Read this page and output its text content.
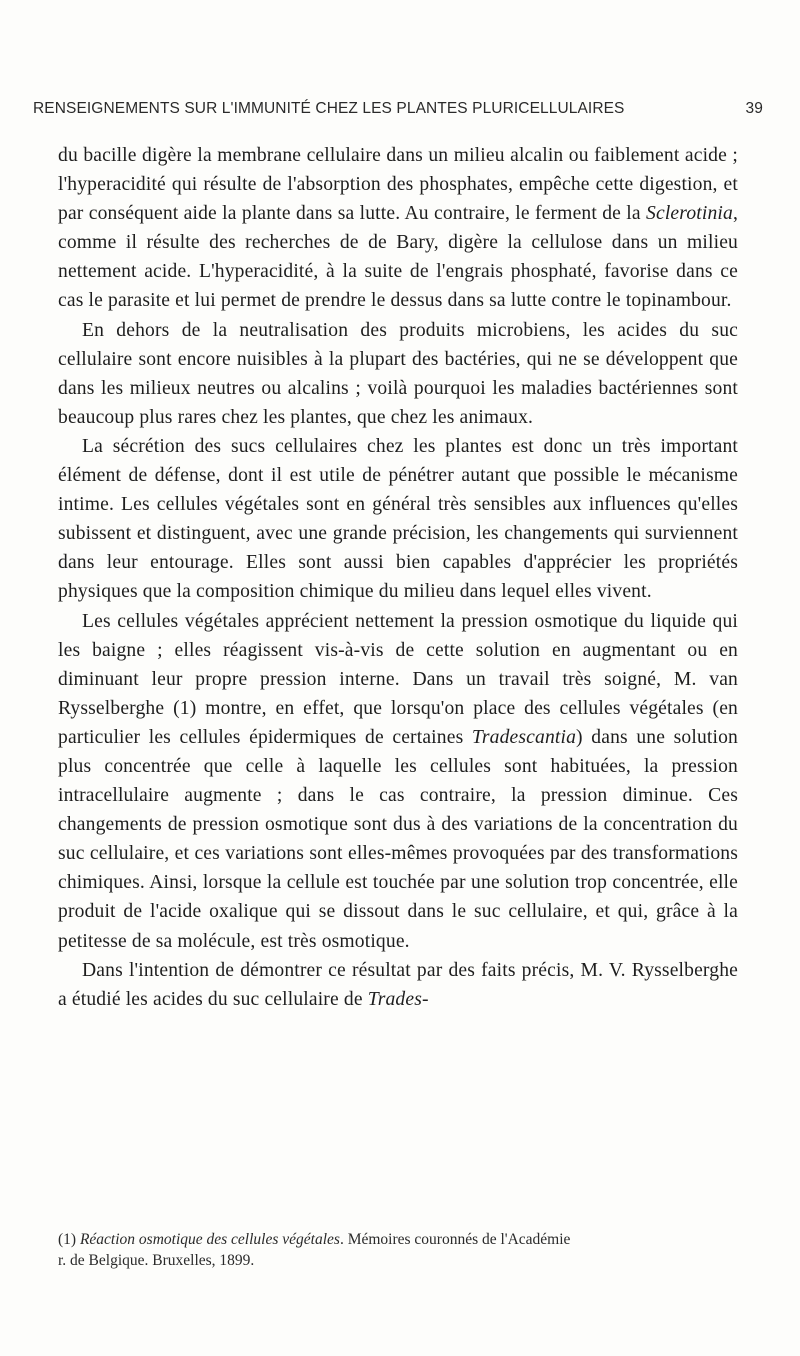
RENSEIGNEMENTS SUR L'IMMUNITÉ CHEZ LES PLANTES PLURICELLULAIRES	39

du bacille digère la membrane cellulaire dans un milieu alcalin ou faiblement acide ; l'hyperacidité qui résulte de l'absorption des phosphates, empêche cette digestion, et par conséquent aide la plante dans sa lutte. Au contraire, le ferment de la Sclerotinia, comme il résulte des recherches de de Bary, digère la cellulose dans un milieu nettement acide. L'hyperacidité, à la suite de l'engrais phosphaté, favorise dans ce cas le parasite et lui permet de prendre le dessus dans sa lutte contre le topinambour.

En dehors de la neutralisation des produits microbiens, les acides du suc cellulaire sont encore nuisibles à la plupart des bactéries, qui ne se développent que dans les milieux neutres ou alcalins ; voilà pourquoi les maladies bactériennes sont beaucoup plus rares chez les plantes, que chez les animaux.

La sécrétion des sucs cellulaires chez les plantes est donc un très important élément de défense, dont il est utile de pénétrer autant que possible le mécanisme intime. Les cellules végétales sont en général très sensibles aux influences qu'elles subissent et distinguent, avec une grande précision, les changements qui surviennent dans leur entourage. Elles sont aussi bien capables d'apprécier les propriétés physiques que la composition chimique du milieu dans lequel elles vivent.

Les cellules végétales apprécient nettement la pression osmotique du liquide qui les baigne ; elles réagissent vis-à-vis de cette solution en augmentant ou en diminuant leur propre pression interne. Dans un travail très soigné, M. van Rysselberghe (1) montre, en effet, que lorsqu'on place des cellules végétales (en particulier les cellules épidermiques de certaines Tradescantia) dans une solution plus concentrée que celle à laquelle les cellules sont habituées, la pression intracellulaire augmente ; dans le cas contraire, la pression diminue. Ces changements de pression osmotique sont dus à des variations de la concentration du suc cellulaire, et ces variations sont elles-mêmes provoquées par des transformations chimiques. Ainsi, lorsque la cellule est touchée par une solution trop concentrée, elle produit de l'acide oxalique qui se dissout dans le suc cellulaire, et qui, grâce à la petitesse de sa molécule, est très osmotique.

Dans l'intention de démontrer ce résultat par des faits précis, M. V. Rysselberghe a étudié les acides du suc cellulaire de Trades-

(1) Réaction osmotique des cellules végétales. Mémoires couronnés de l'Académie
r. de Belgique. Bruxelles, 1899.
